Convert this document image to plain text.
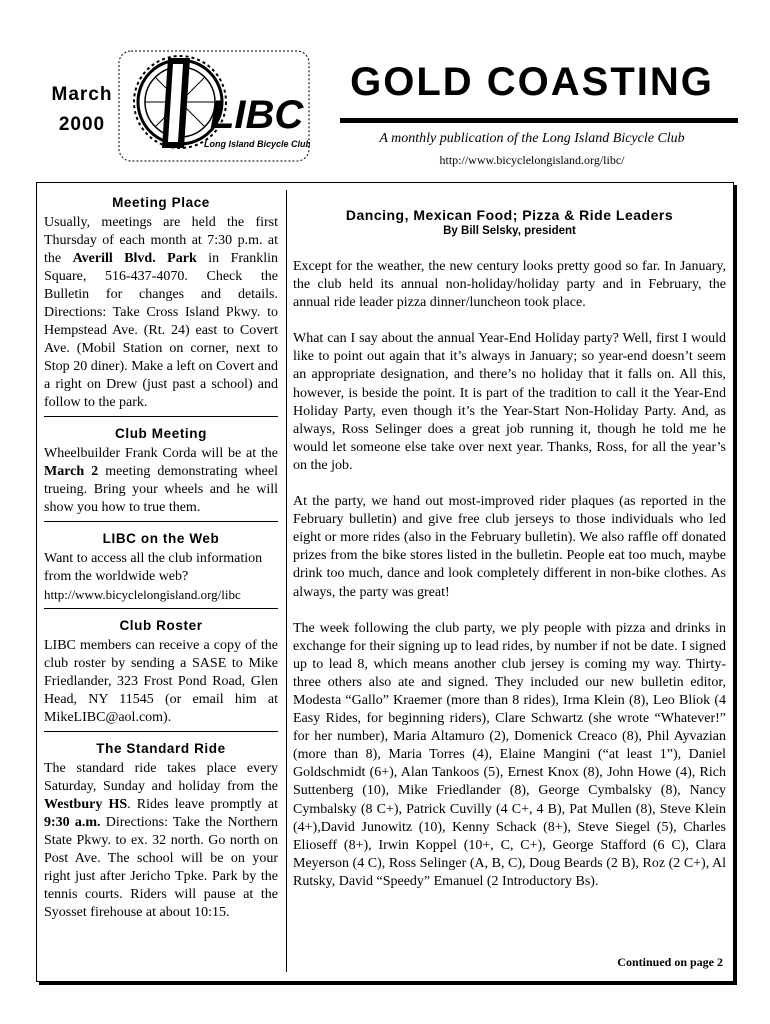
March
2000	LIBC
Long Island Bicycle Club
GOLD COASTING
A monthly publication of the Long Island Bicycle Club
http://www.bicyclelongisland.org/libc/

Meeting Place

Usually, meetings are held the first Thursday of each month at 7:30 p.m. at the Averill Blvd. Park in Franklin Square, 516-437-4070. Check the Bulletin for changes and details. Directions: Take Cross Island Pkwy. to Hempstead Ave. (Rt. 24) east to Covert Ave. (Mobil Station on corner, next to Stop 20 diner). Make a left on Covert and a right on Drew (just past a school) and follow to the park.

Club Meeting

Wheelbuilder Frank Corda will be at the March 2 meeting demonstrating wheel trueing. Bring your wheels and he will show you how to true them.

LIBC on the Web

Want to access all the club information from the worldwide web?

http://www.bicyclelongisland.org/libc

Club Roster

LIBC members can receive a copy of the club roster by sending a SASE to Mike Friedlander, 323 Frost Pond Road, Glen Head, NY 11545 (or email him at MikeLIBC@aol.com).

The Standard Ride

The standard ride takes place every Saturday, Sunday and holiday from the Westbury HS. Rides leave promptly at 9:30 a.m. Directions: Take the Northern State Pkwy. to ex. 32 north. Go north on Post Ave. The school will be on your right just after Jericho Tpke. Park by the tennis courts. Riders will pause at the Syosset firehouse at about 10:15.

Dancing, Mexican Food; Pizza & Ride Leaders

By Bill Selsky, president

Except for the weather, the new century looks pretty good so far. In January, the club held its annual non-holiday/holiday party and in February, the annual ride leader pizza dinner/luncheon took place.

What can I say about the annual Year-End Holiday party? Well, first I would like to point out again that it’s always in January; so year-end doesn’t seem an appropriate designation, and there’s no holiday that it falls on. All this, however, is beside the point. It is part of the tradition to call it the Year-End Holiday Party, even though it’s the Year-Start Non-Holiday Party. And, as always, Ross Selinger does a great job running it, though he told me he would let someone else take over next year. Thanks, Ross, for all the year’s on the job.

At the party, we hand out most-improved rider plaques (as reported in the February bulletin) and give free club jerseys to those individuals who led eight or more rides (also in the February bulletin). We also raffle off donated prizes from the bike stores listed in the bulletin. People eat too much, maybe drink too much, dance and look completely different in non-bike clothes. As always, the party was great!

The week following the club party, we ply people with pizza and drinks in exchange for their signing up to lead rides, by number if not be date. I signed up to lead 8, which means another club jersey is coming my way. Thirty-three others also ate and signed. They included our new bulletin editor, Modesta “Gallo” Kraemer (more than 8 rides), Irma Klein (8), Leo Bliok (4 Easy Rides, for beginning riders), Clare Schwartz (she wrote “Whatever!” for her number), Maria Altamuro (2), Domenick Creaco (8), Phil Ayvazian (more than 8), Maria Torres (4), Elaine Mangini (“at least 1”), Daniel Goldschmidt (6+), Alan Tankoos (5), Ernest Knox (8), John Howe (4), Rich Suttenberg (10), Mike Friedlander (8), George Cymbalsky (8), Nancy Cymbalsky (8 C+), Patrick Cuvilly (4 C+, 4 B), Pat Mullen (8), Steve Klein (4+),David Junowitz (10), Kenny Schack (8+), Steve Siegel (5), Charles Elioseff (8+), Irwin Koppel (10+, C, C+), George Stafford (6 C), Clara Meyerson (4 C), Ross Selinger (A, B, C), Doug Beards (2 B), Roz (2 C+), Al Rutsky, David “Speedy” Emanuel (2 Introductory Bs).

Continued on page 2
